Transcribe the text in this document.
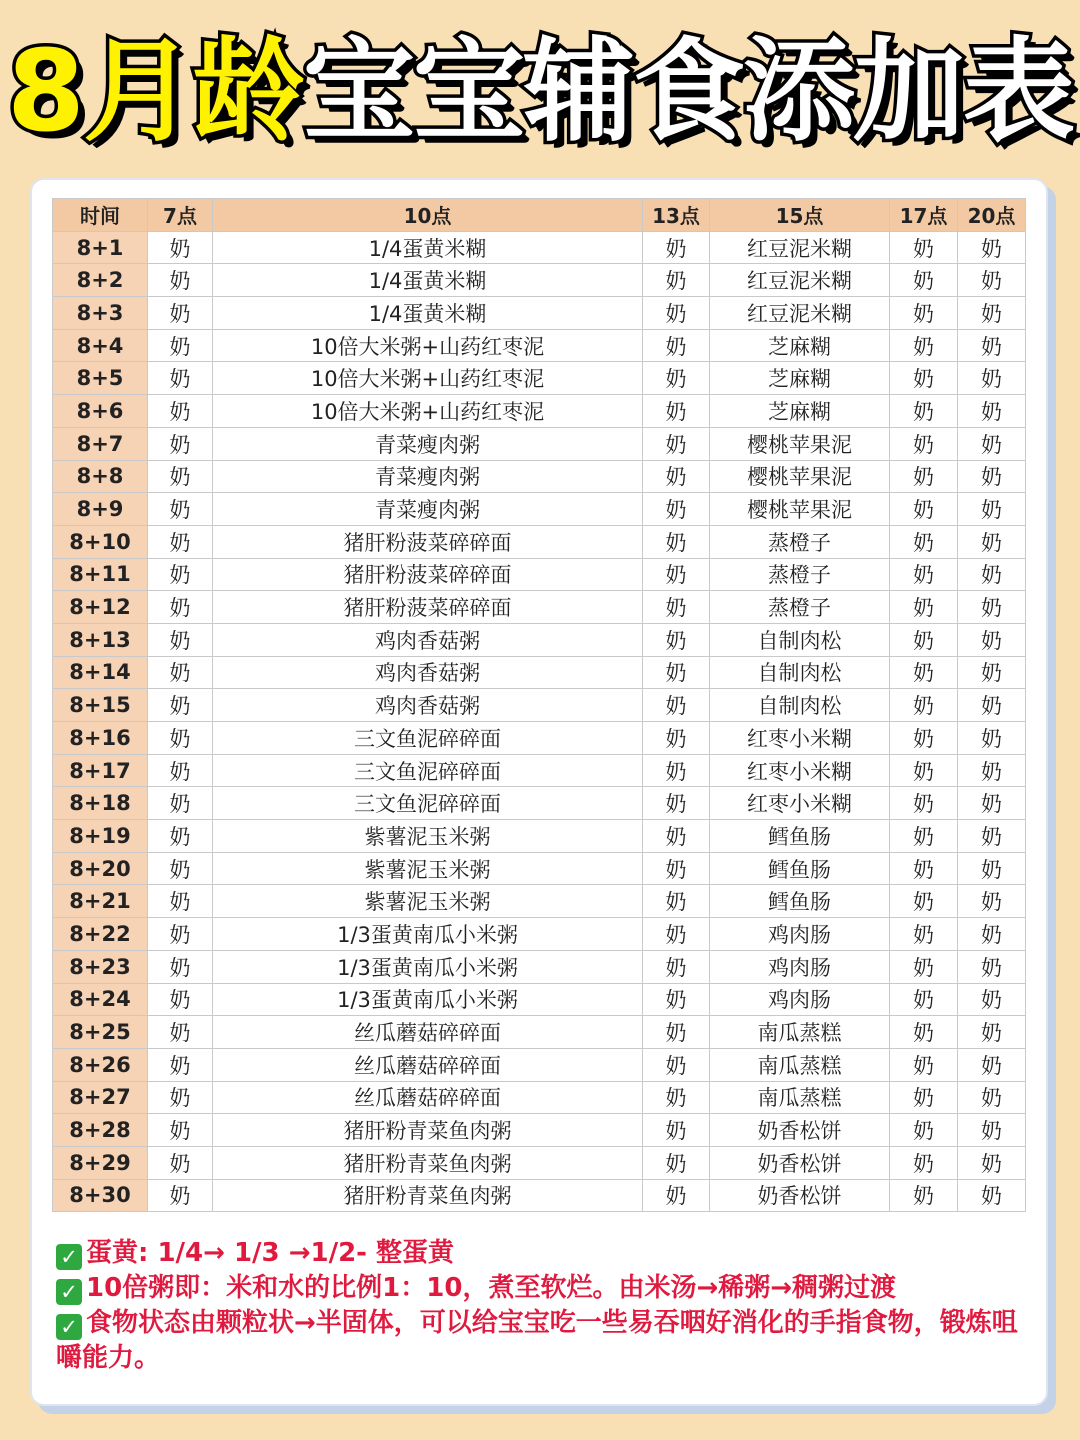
8月龄 宝宝辅食添加表
时间	7点	10点	13点	15点	17点	20点
8+1	奶	1/4蛋黄米糊	奶	红豆泥米糊	奶	奶
8+2	奶	1/4蛋黄米糊	奶	红豆泥米糊	奶	奶
8+3	奶	1/4蛋黄米糊	奶	红豆泥米糊	奶	奶
8+4	奶	10倍大米粥+山药红枣泥	奶	芝麻糊	奶	奶
8+5	奶	10倍大米粥+山药红枣泥	奶	芝麻糊	奶	奶
8+6	奶	10倍大米粥+山药红枣泥	奶	芝麻糊	奶	奶
8+7	奶	青菜瘦肉粥	奶	樱桃苹果泥	奶	奶
8+8	奶	青菜瘦肉粥	奶	樱桃苹果泥	奶	奶
8+9	奶	青菜瘦肉粥	奶	樱桃苹果泥	奶	奶
8+10	奶	猪肝粉菠菜碎碎面	奶	蒸橙子	奶	奶
8+11	奶	猪肝粉菠菜碎碎面	奶	蒸橙子	奶	奶
8+12	奶	猪肝粉菠菜碎碎面	奶	蒸橙子	奶	奶
8+13	奶	鸡肉香菇粥	奶	自制肉松	奶	奶
8+14	奶	鸡肉香菇粥	奶	自制肉松	奶	奶
8+15	奶	鸡肉香菇粥	奶	自制肉松	奶	奶
8+16	奶	三文鱼泥碎碎面	奶	红枣小米糊	奶	奶
8+17	奶	三文鱼泥碎碎面	奶	红枣小米糊	奶	奶
8+18	奶	三文鱼泥碎碎面	奶	红枣小米糊	奶	奶
8+19	奶	紫薯泥玉米粥	奶	鳕鱼肠	奶	奶
8+20	奶	紫薯泥玉米粥	奶	鳕鱼肠	奶	奶
8+21	奶	紫薯泥玉米粥	奶	鳕鱼肠	奶	奶
8+22	奶	1/3蛋黄南瓜小米粥	奶	鸡肉肠	奶	奶
8+23	奶	1/3蛋黄南瓜小米粥	奶	鸡肉肠	奶	奶
8+24	奶	1/3蛋黄南瓜小米粥	奶	鸡肉肠	奶	奶
8+25	奶	丝瓜蘑菇碎碎面	奶	南瓜蒸糕	奶	奶
8+26	奶	丝瓜蘑菇碎碎面	奶	南瓜蒸糕	奶	奶
8+27	奶	丝瓜蘑菇碎碎面	奶	南瓜蒸糕	奶	奶
8+28	奶	猪肝粉青菜鱼肉粥	奶	奶香松饼	奶	奶
8+29	奶	猪肝粉青菜鱼肉粥	奶	奶香松饼	奶	奶
8+30	奶	猪肝粉青菜鱼肉粥	奶	奶香松饼	奶	奶
✓ 蛋黄: 1/4→ 1/3 →1/2- 整蛋黄
✓ 10倍粥即：米和水的比例1：10，煮至软烂。由米汤→稀粥→稠粥过渡
✓ 食物状态由颗粒状→半固体，可以给宝宝吃一些易吞咽好消化的手指食物，锻炼咀嚼能力。
